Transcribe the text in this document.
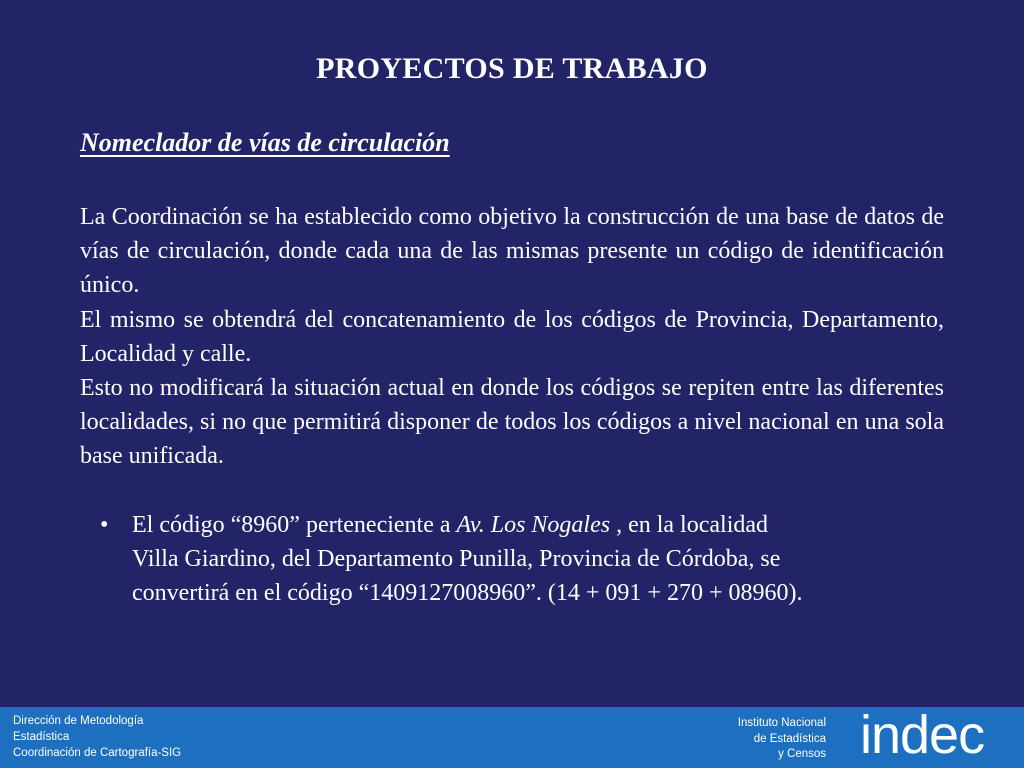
PROYECTOS DE TRABAJO
Nomeclador de vías de circulación

La Coordinación se ha establecido como objetivo la construcción de una base de datos de vías de circulación, donde cada una de las mismas presente un código de identificación único.

El mismo se obtendrá del concatenamiento de los códigos de Provincia, Departamento, Localidad y calle.

Esto no modificará la situación actual en donde los códigos se repiten entre las diferentes localidades, si no que permitirá disponer de todos los códigos a nivel nacional en una sola base unificada.

• El código “8960” perteneciente a Av. Los Nogales , en la localidad
Villa Giardino, del Departamento Punilla, Provincia de Córdoba, se
convertirá en el código “1409127008960”. (14 + 091 + 270 + 08960).
Dirección de Metodología
Estadística
Coordinación de Cartografía-SIG
Instituto Nacional
de Estadística
y Censos indec
